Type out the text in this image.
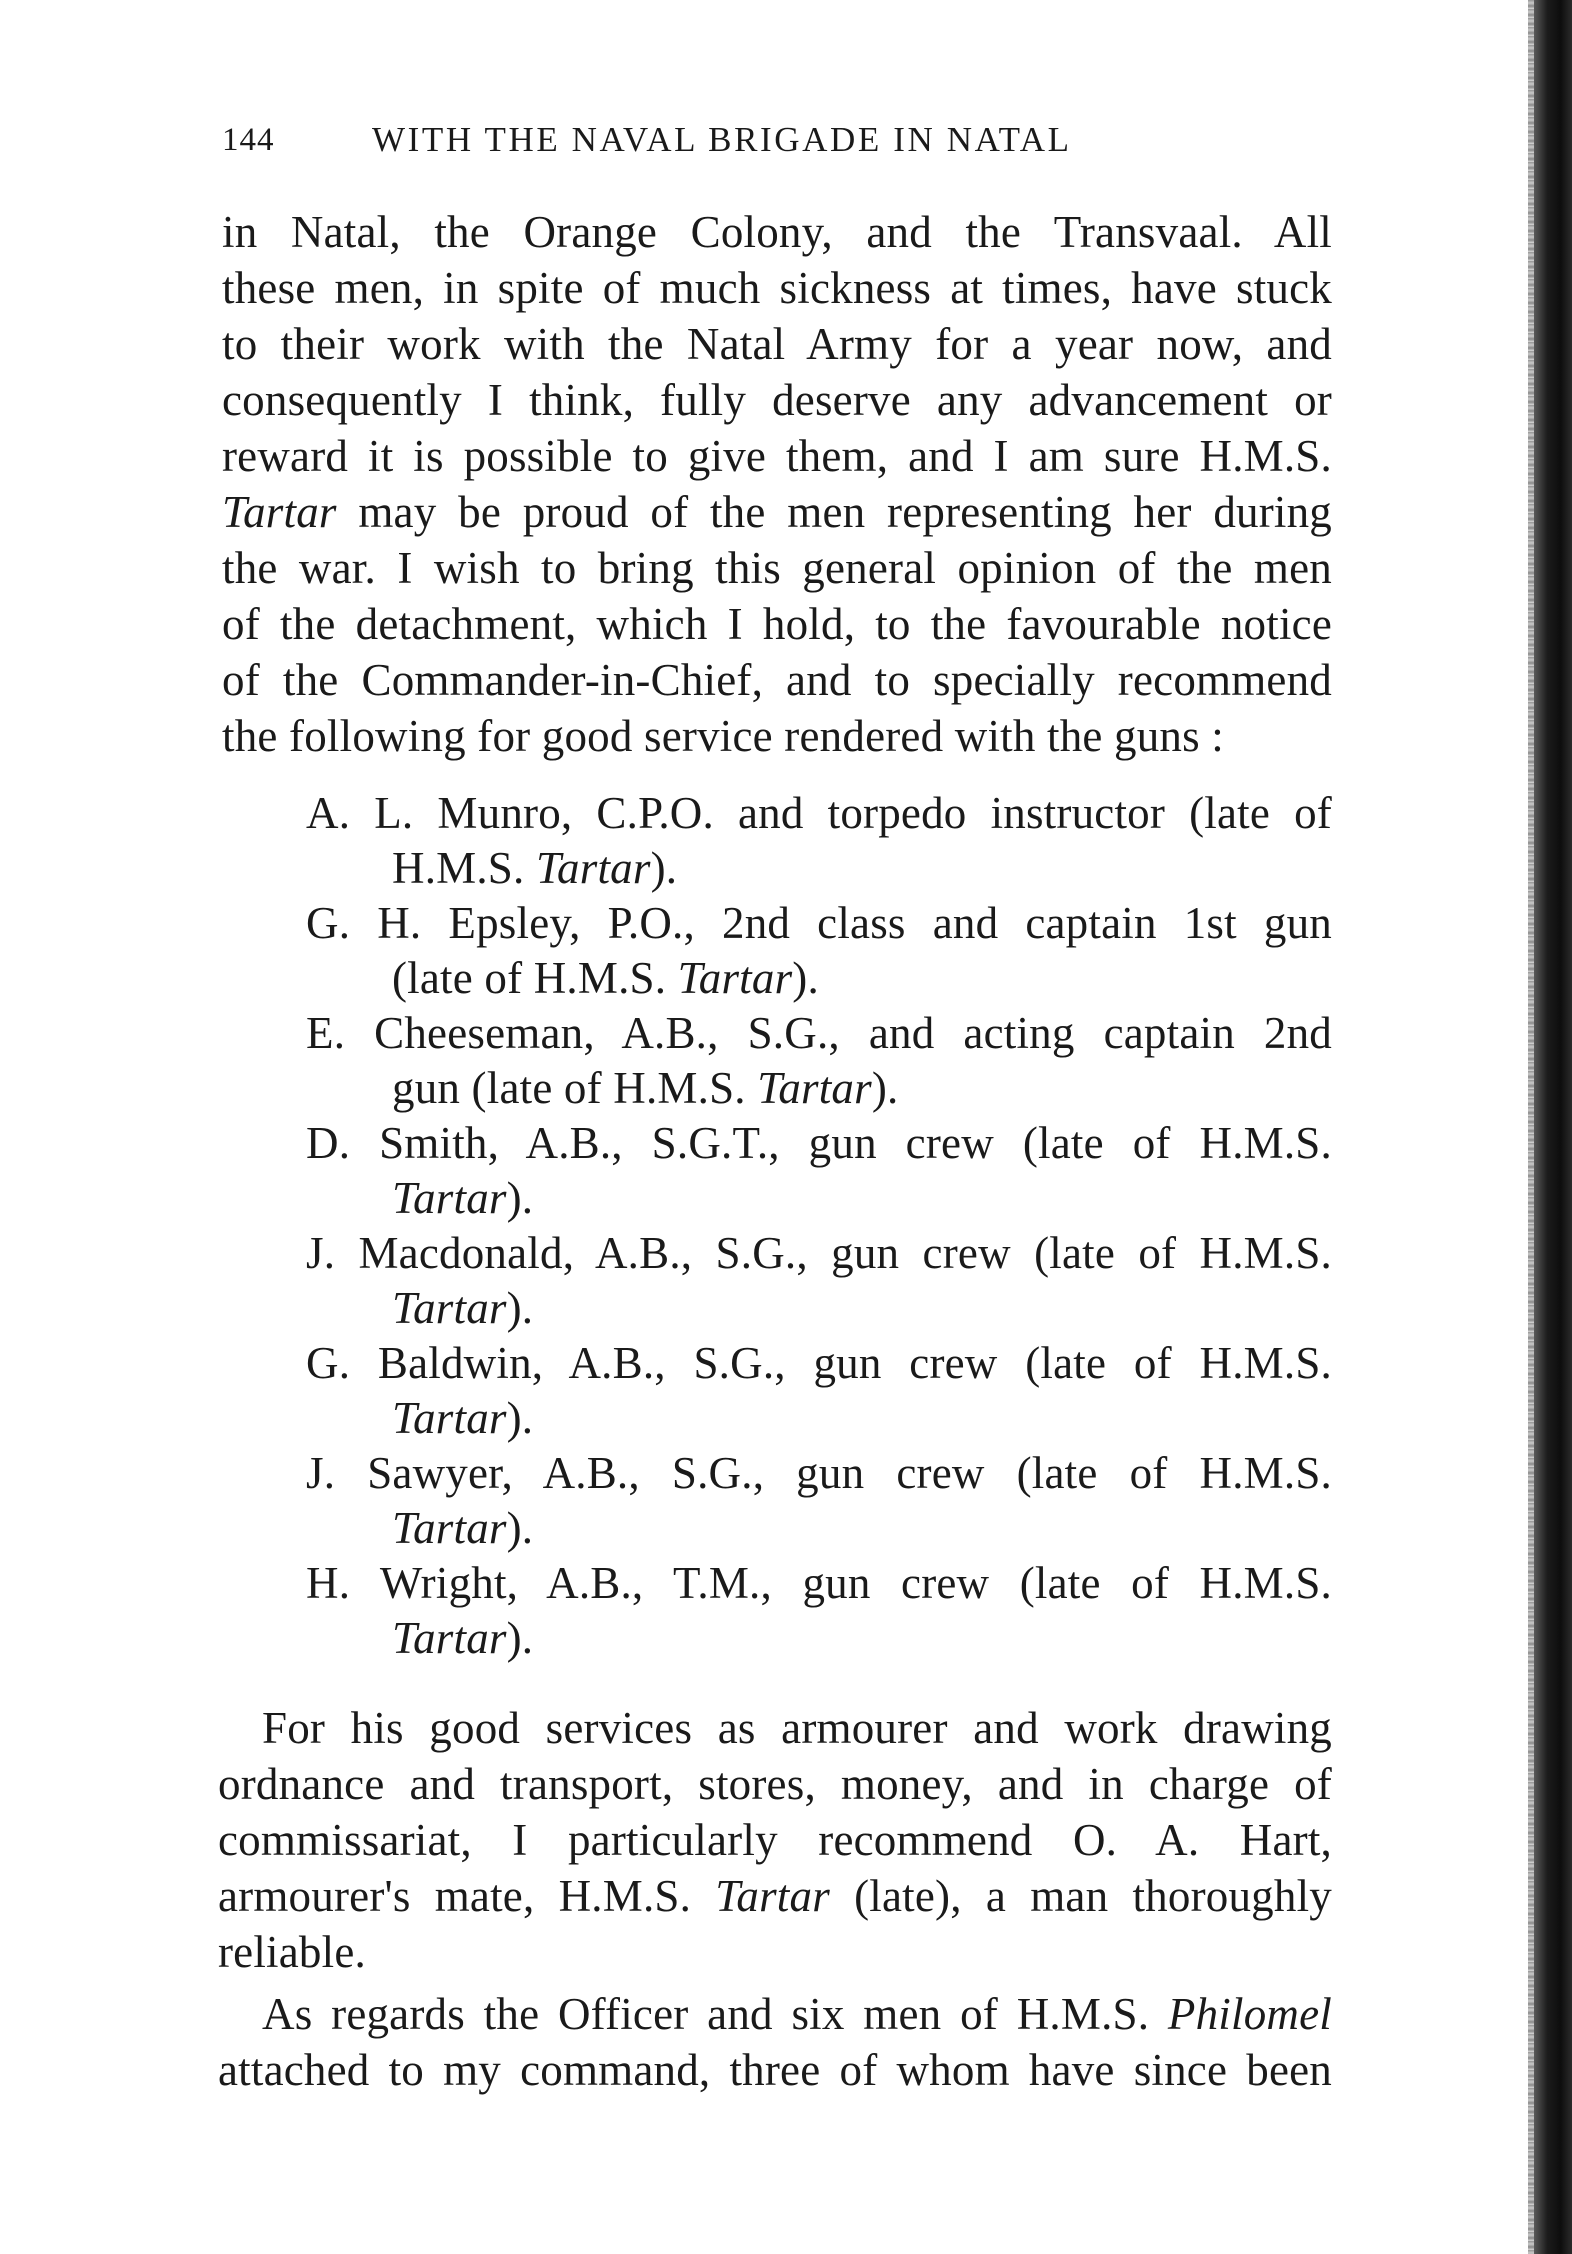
144	WITH THE NAVAL BRIGADE IN NATAL
in Natal, the Orange Colony, and the Transvaal. All
these men, in spite of much sickness at times, have stuck
to their work with the Natal Army for a year now, and
consequently I think, fully deserve any advancement or
reward it is possible to give them, and I am sure H.M.S.
Tartar may be proud of the men representing her during
the war. I wish to bring this general opinion of the men
of the detachment, which I hold, to the favourable notice
of the Commander-in-Chief, and to specially recommend
the following for good service rendered with the guns :
A. L. Munro, C.P.O. and torpedo instructor (late of
H.M.S. Tartar).
G. H. Epsley, P.O., 2nd class and captain 1st gun
(late of H.M.S. Tartar).
E. Cheeseman, A.B., S.G., and acting captain 2nd
gun (late of H.M.S. Tartar).
D. Smith, A.B., S.G.T., gun crew (late of H.M.S.
Tartar).
J. Macdonald, A.B., S.G., gun crew (late of H.M.S.
Tartar).
G. Baldwin, A.B., S.G., gun crew (late of H.M.S.
Tartar).
J. Sawyer, A.B., S.G., gun crew (late of H.M.S.
Tartar).
H. Wright, A.B., T.M., gun crew (late of H.M.S.
Tartar).
For his good services as armourer and work drawing
ordnance and transport, stores, money, and in charge of
commissariat, I particularly recommend O. A. Hart,
armourer's mate, H.M.S. Tartar (late), a man thoroughly
reliable.
As regards the Officer and six men of H.M.S. Philomel
attached to my command, three of whom have since been
